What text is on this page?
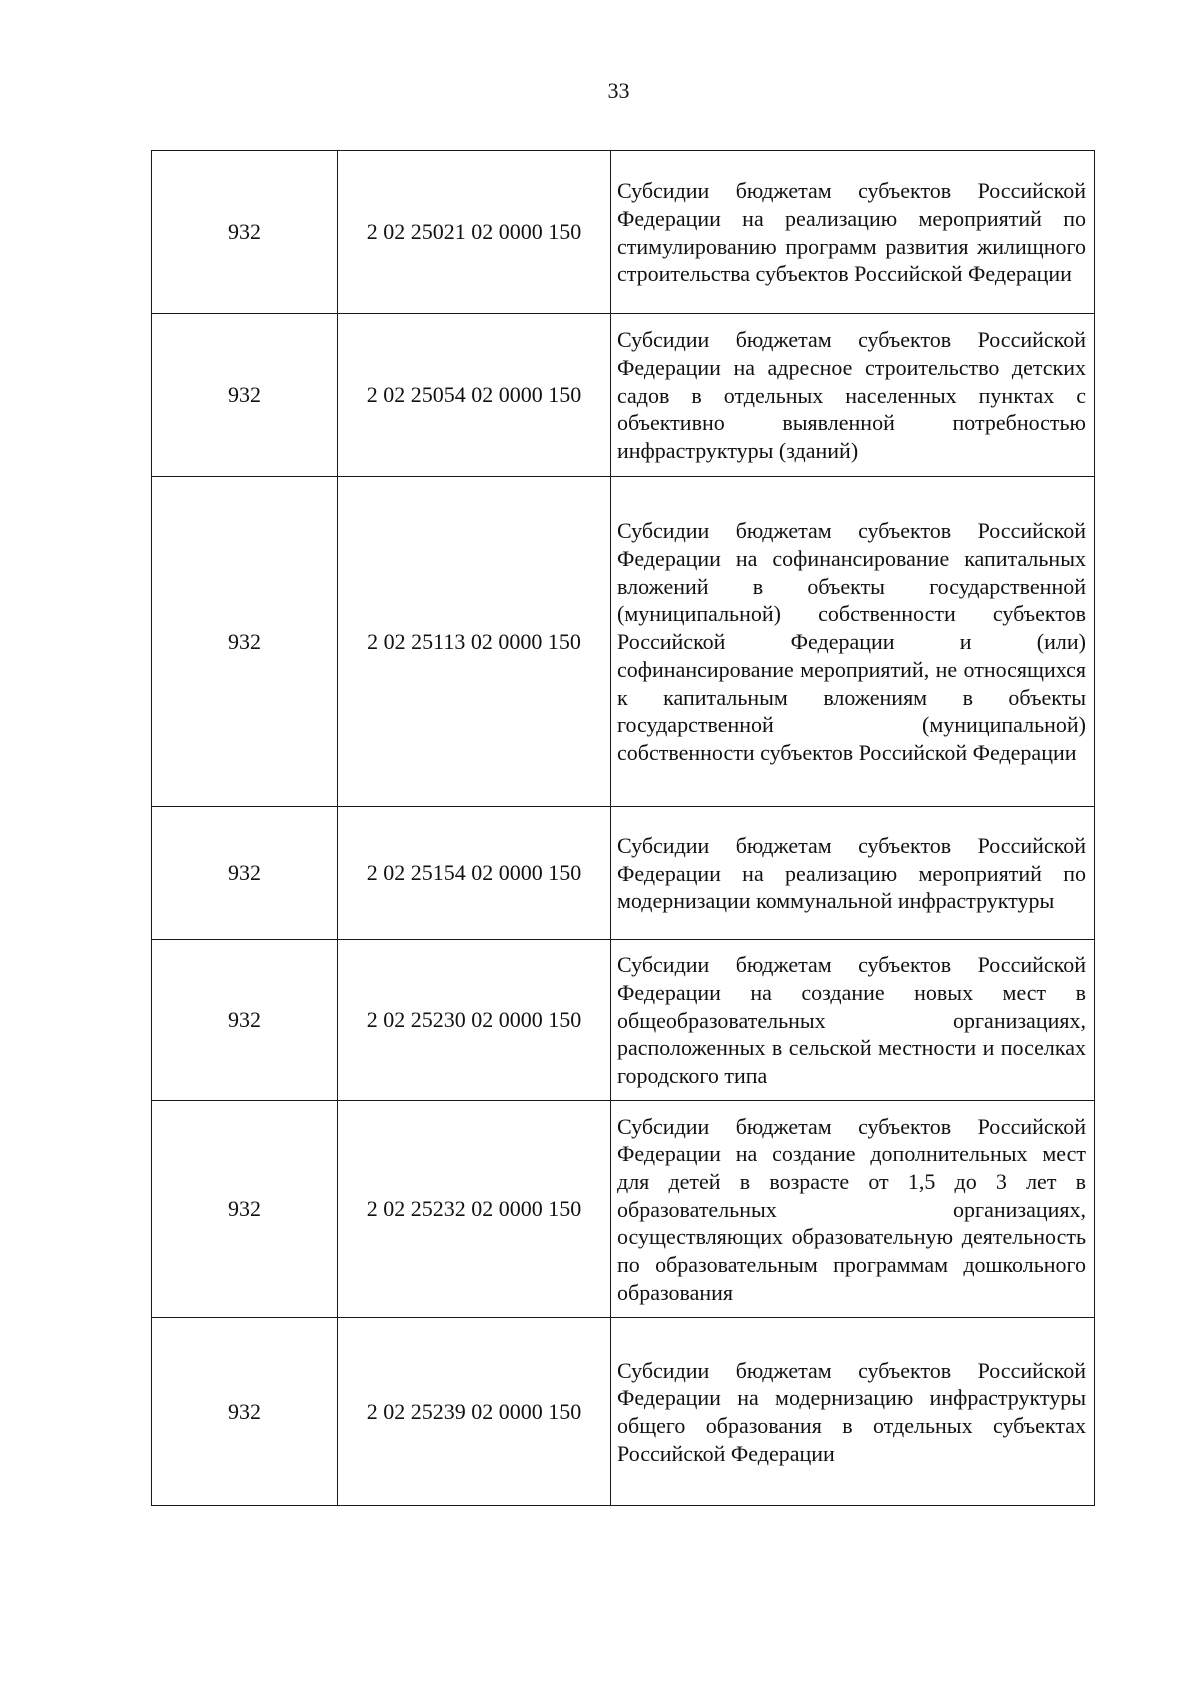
33
932	2 02 25021 02 0000 150	Субсидии бюджетам субъектов Российской Федерации на реализацию мероприятий по стимулированию программ развития жилищного строительства субъектов Российской Федерации
932	2 02 25054 02 0000 150	Субсидии бюджетам субъектов Российской Федерации на адресное строительство детских садов в отдельных населенных пунктах с объективно выявленной потребностью инфраструктуры (зданий)
932	2 02 25113 02 0000 150	Субсидии бюджетам субъектов Российской Федерации на софинансирование капитальных вложений в объекты государственной (муниципальной) собственности субъектов Российской Федерации и (или) софинансирование мероприятий, не относящихся к капитальным вложениям в объекты государственной (муниципальной) собственности субъектов Российской Федерации
932	2 02 25154 02 0000 150	Субсидии бюджетам субъектов Российской Федерации на реализацию мероприятий по модернизации коммунальной инфраструктуры
932	2 02 25230 02 0000 150	Субсидии бюджетам субъектов Российской Федерации на создание новых мест в общеобразовательных организациях, расположенных в сельской местности и поселках городского типа
932	2 02 25232 02 0000 150	Субсидии бюджетам субъектов Российской Федерации на создание дополнительных мест для детей в возрасте от 1,5 до 3 лет в образовательных организациях, осуществляющих образовательную деятельность по образовательным программам дошкольного образования
932	2 02 25239 02 0000 150	Субсидии бюджетам субъектов Российской Федерации на модернизацию инфраструктуры общего образования в отдельных субъектах Российской Федерации
